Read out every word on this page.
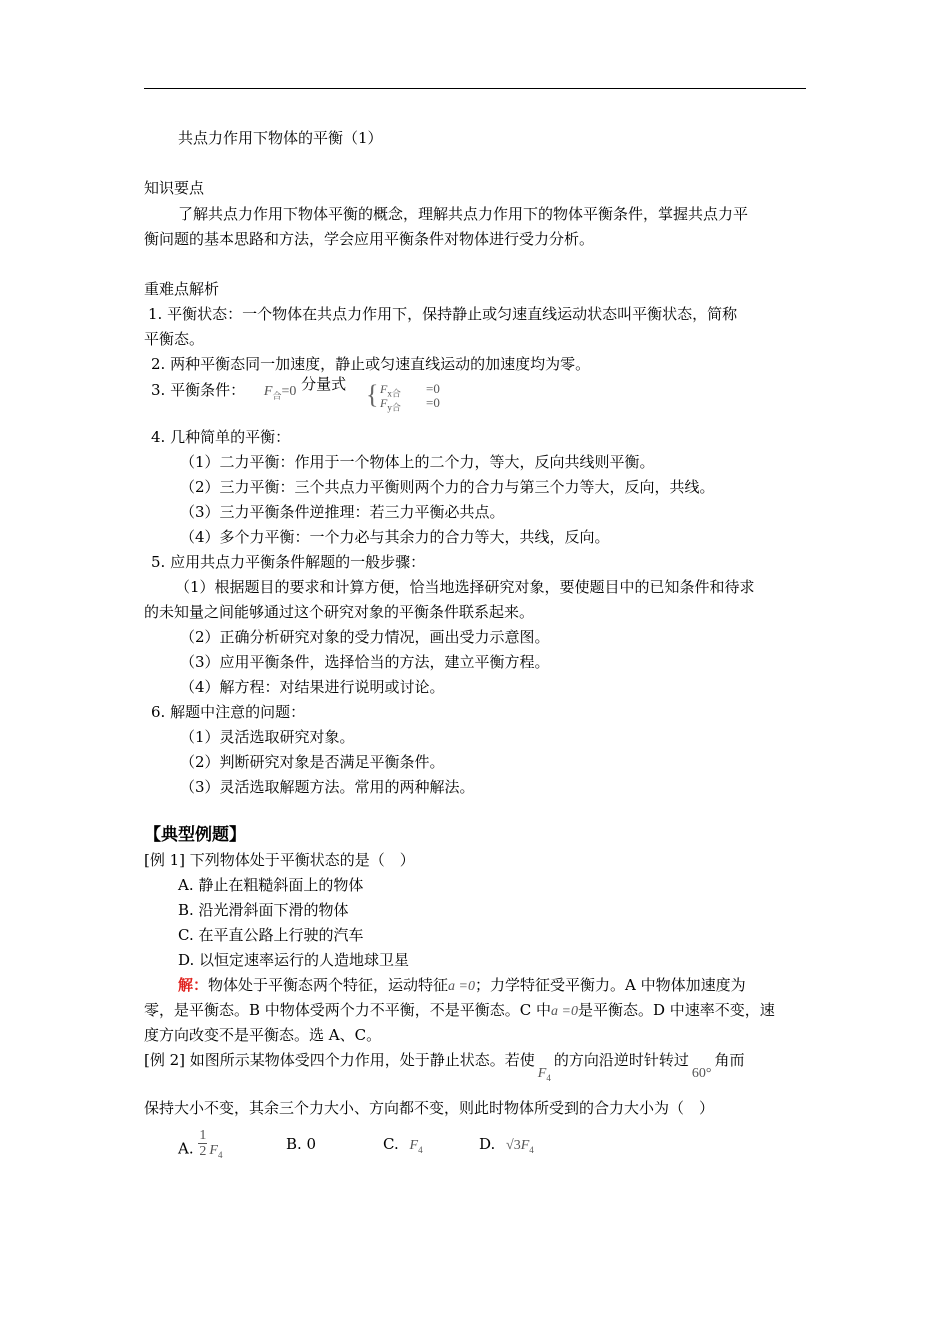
共点力作用下物体的平衡（1）
知识要点
了解共点力作用下物体平衡的概念，理解共点力作用下的物体平衡条件，掌握共点力平
衡问题的基本思路和方法，学会应用平衡条件对物体进行受力分析。
重难点解析
1. 平衡状态：一个物体在共点力作用下，保持静止或匀速直线运动状态叫平衡状态，简称
平衡态。
2. 两种平衡态同一加速度，静止或匀速直线运动的加速度均为零。
3. 平衡条件： $F_合=0$ 分量式 { $F_{x合} =0$
$F_{y合} =0$
4. 几种简单的平衡：
（1）二力平衡：作用于一个物体上的二个力，等大，反向共线则平衡。
（2）三力平衡：三个共点力平衡则两个力的合力与第三个力等大，反向，共线。
（3）三力平衡条件逆推理：若三力平衡必共点。
（4）多个力平衡：一个力必与其余力的合力等大，共线，反向。
5. 应用共点力平衡条件解题的一般步骤：
（1）根据题目的要求和计算方便，恰当地选择研究对象，要使题目中的已知条件和待求
的未知量之间能够通过这个研究对象的平衡条件联系起来。
（2）正确分析研究对象的受力情况，画出受力示意图。
（3）应用平衡条件，选择恰当的方法，建立平衡方程。
（4）解方程：对结果进行说明或讨论。
6. 解题中注意的问题：
（1）灵活选取研究对象。
（2）判断研究对象是否满足平衡条件。
（3）灵活选取解题方法。常用的两种解法。
【典型例题】
[例 1] 下列物体处于平衡状态的是（　）
A. 静止在粗糙斜面上的物体
B. 沿光滑斜面下滑的物体
C. 在平直公路上行驶的汽车
D. 以恒定速率运行的人造地球卫星
解：物体处于平衡态两个特征，运动特征a =0；力学特征受平衡力。A 中物体加速度为
零，是平衡态。B 中物体受两个力不平衡，不是平衡态。C 中a =0是平衡态。D 中速率不变，速
度方向改变不是平衡态。选 A、C。
[例 2] 如图所示某物体受四个力作用，处于静止状态。若使$F_4$的方向沿逆时针转过60°角而
保持大小不变，其余三个力大小、方向都不变，则此时物体所受到的合力大小为（　）
A. $\frac{1}{2} F_4$
B. 0	C. $F_4$	D. $√3F_4$
